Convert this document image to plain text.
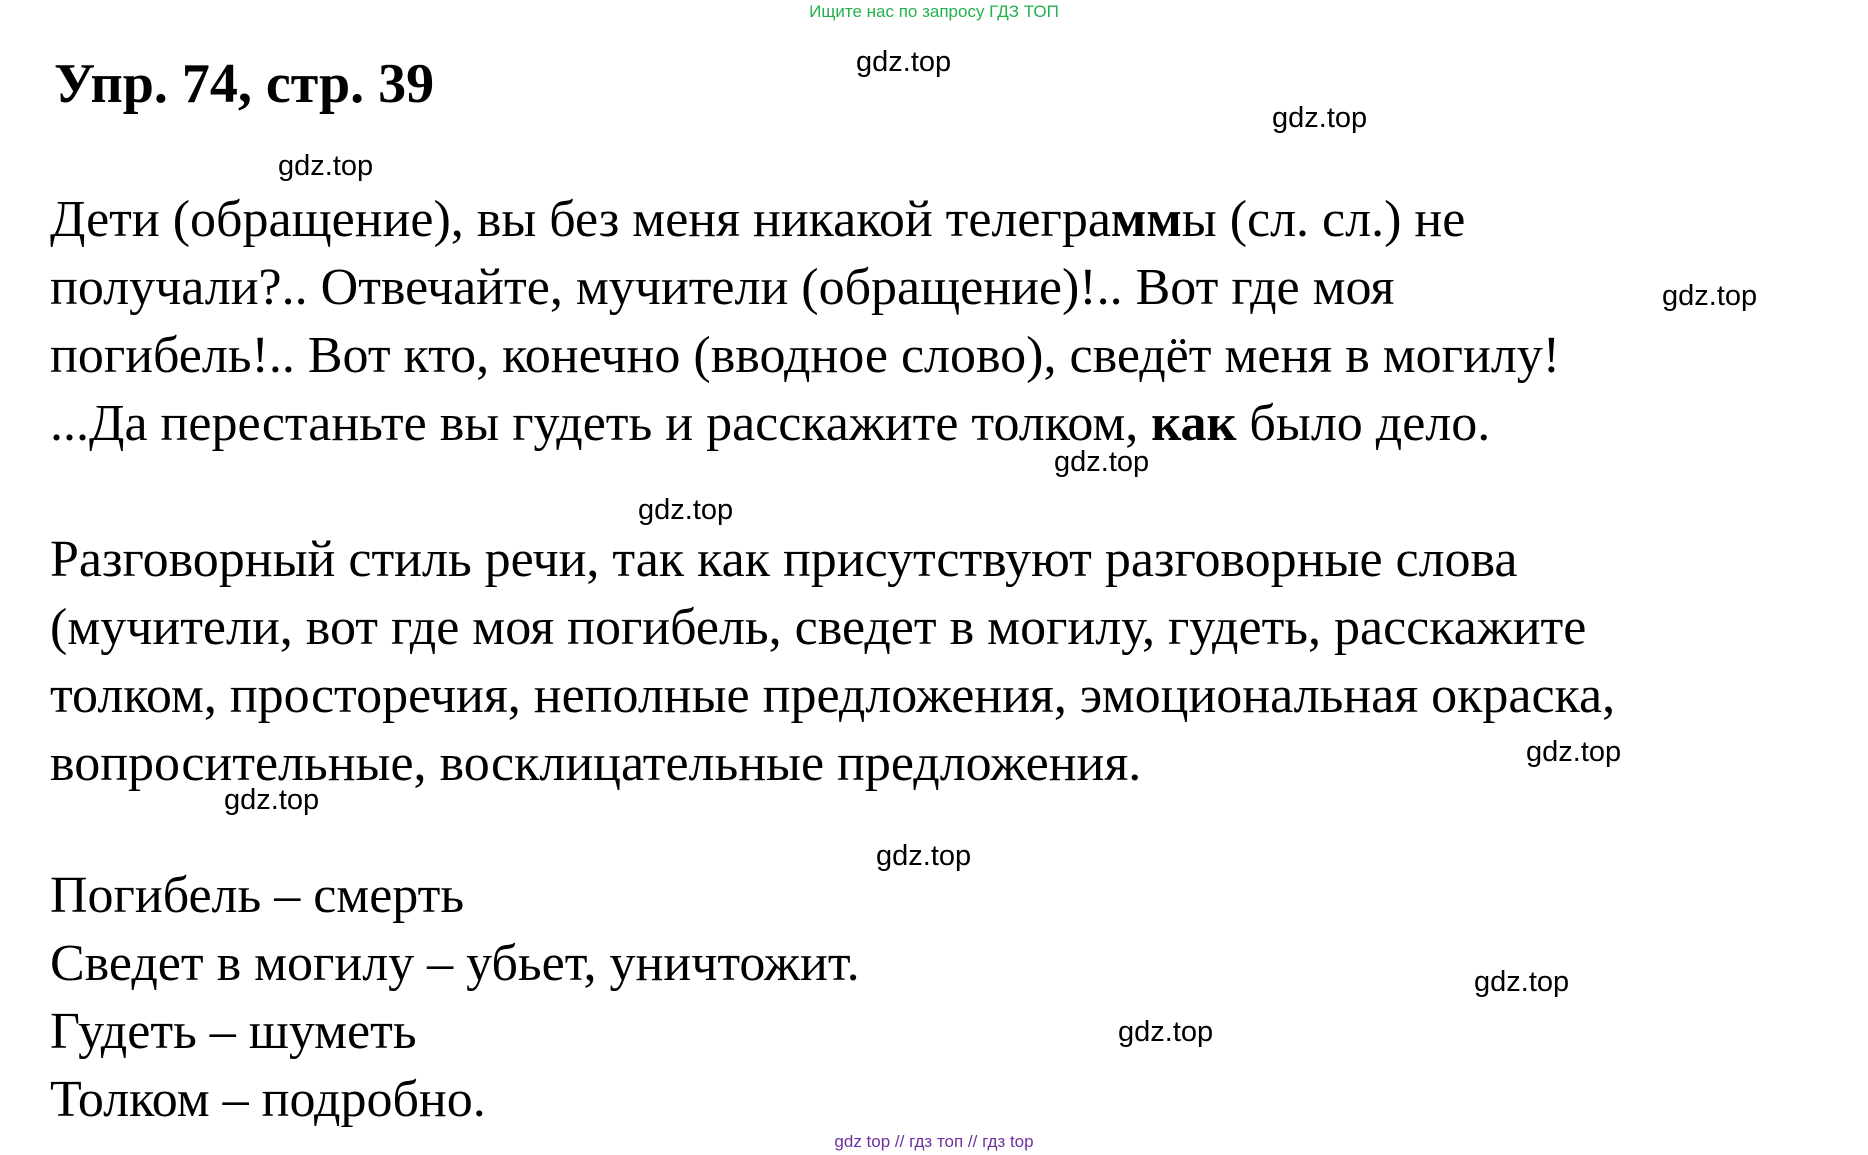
Ищите нас по запросу ГДЗ ТОП

Упр. 74, стр. 39

Дети (обращение), вы без меня никакой телеграммы (сл. сл.) не
получали?.. Отвечайте, мучители (обращение)!.. Вот где моя
погибель!.. Вот кто, конечно (вводное слово), сведёт меня в могилу!
...Да перестаньте вы гудеть и расскажите толком, как было дело.

Разговорный стиль речи, так как присутствуют разговорные слова
(мучители, вот где моя погибель, сведет в могилу, гудеть, расскажите
толком, просторечия, неполные предложения, эмоциональная окраска,
вопросительные, восклицательные предложения.

Погибель – смерть
Сведет в могилу – убьет, уничтожит.
Гудеть – шуметь
Толком – подробно.

gdz.top
gdz.top
gdz.top
gdz.top
gdz.top
gdz.top
gdz.top
gdz.top
gdz.top
gdz.top
gdz.top

gdz top // гдз топ // гдз top
